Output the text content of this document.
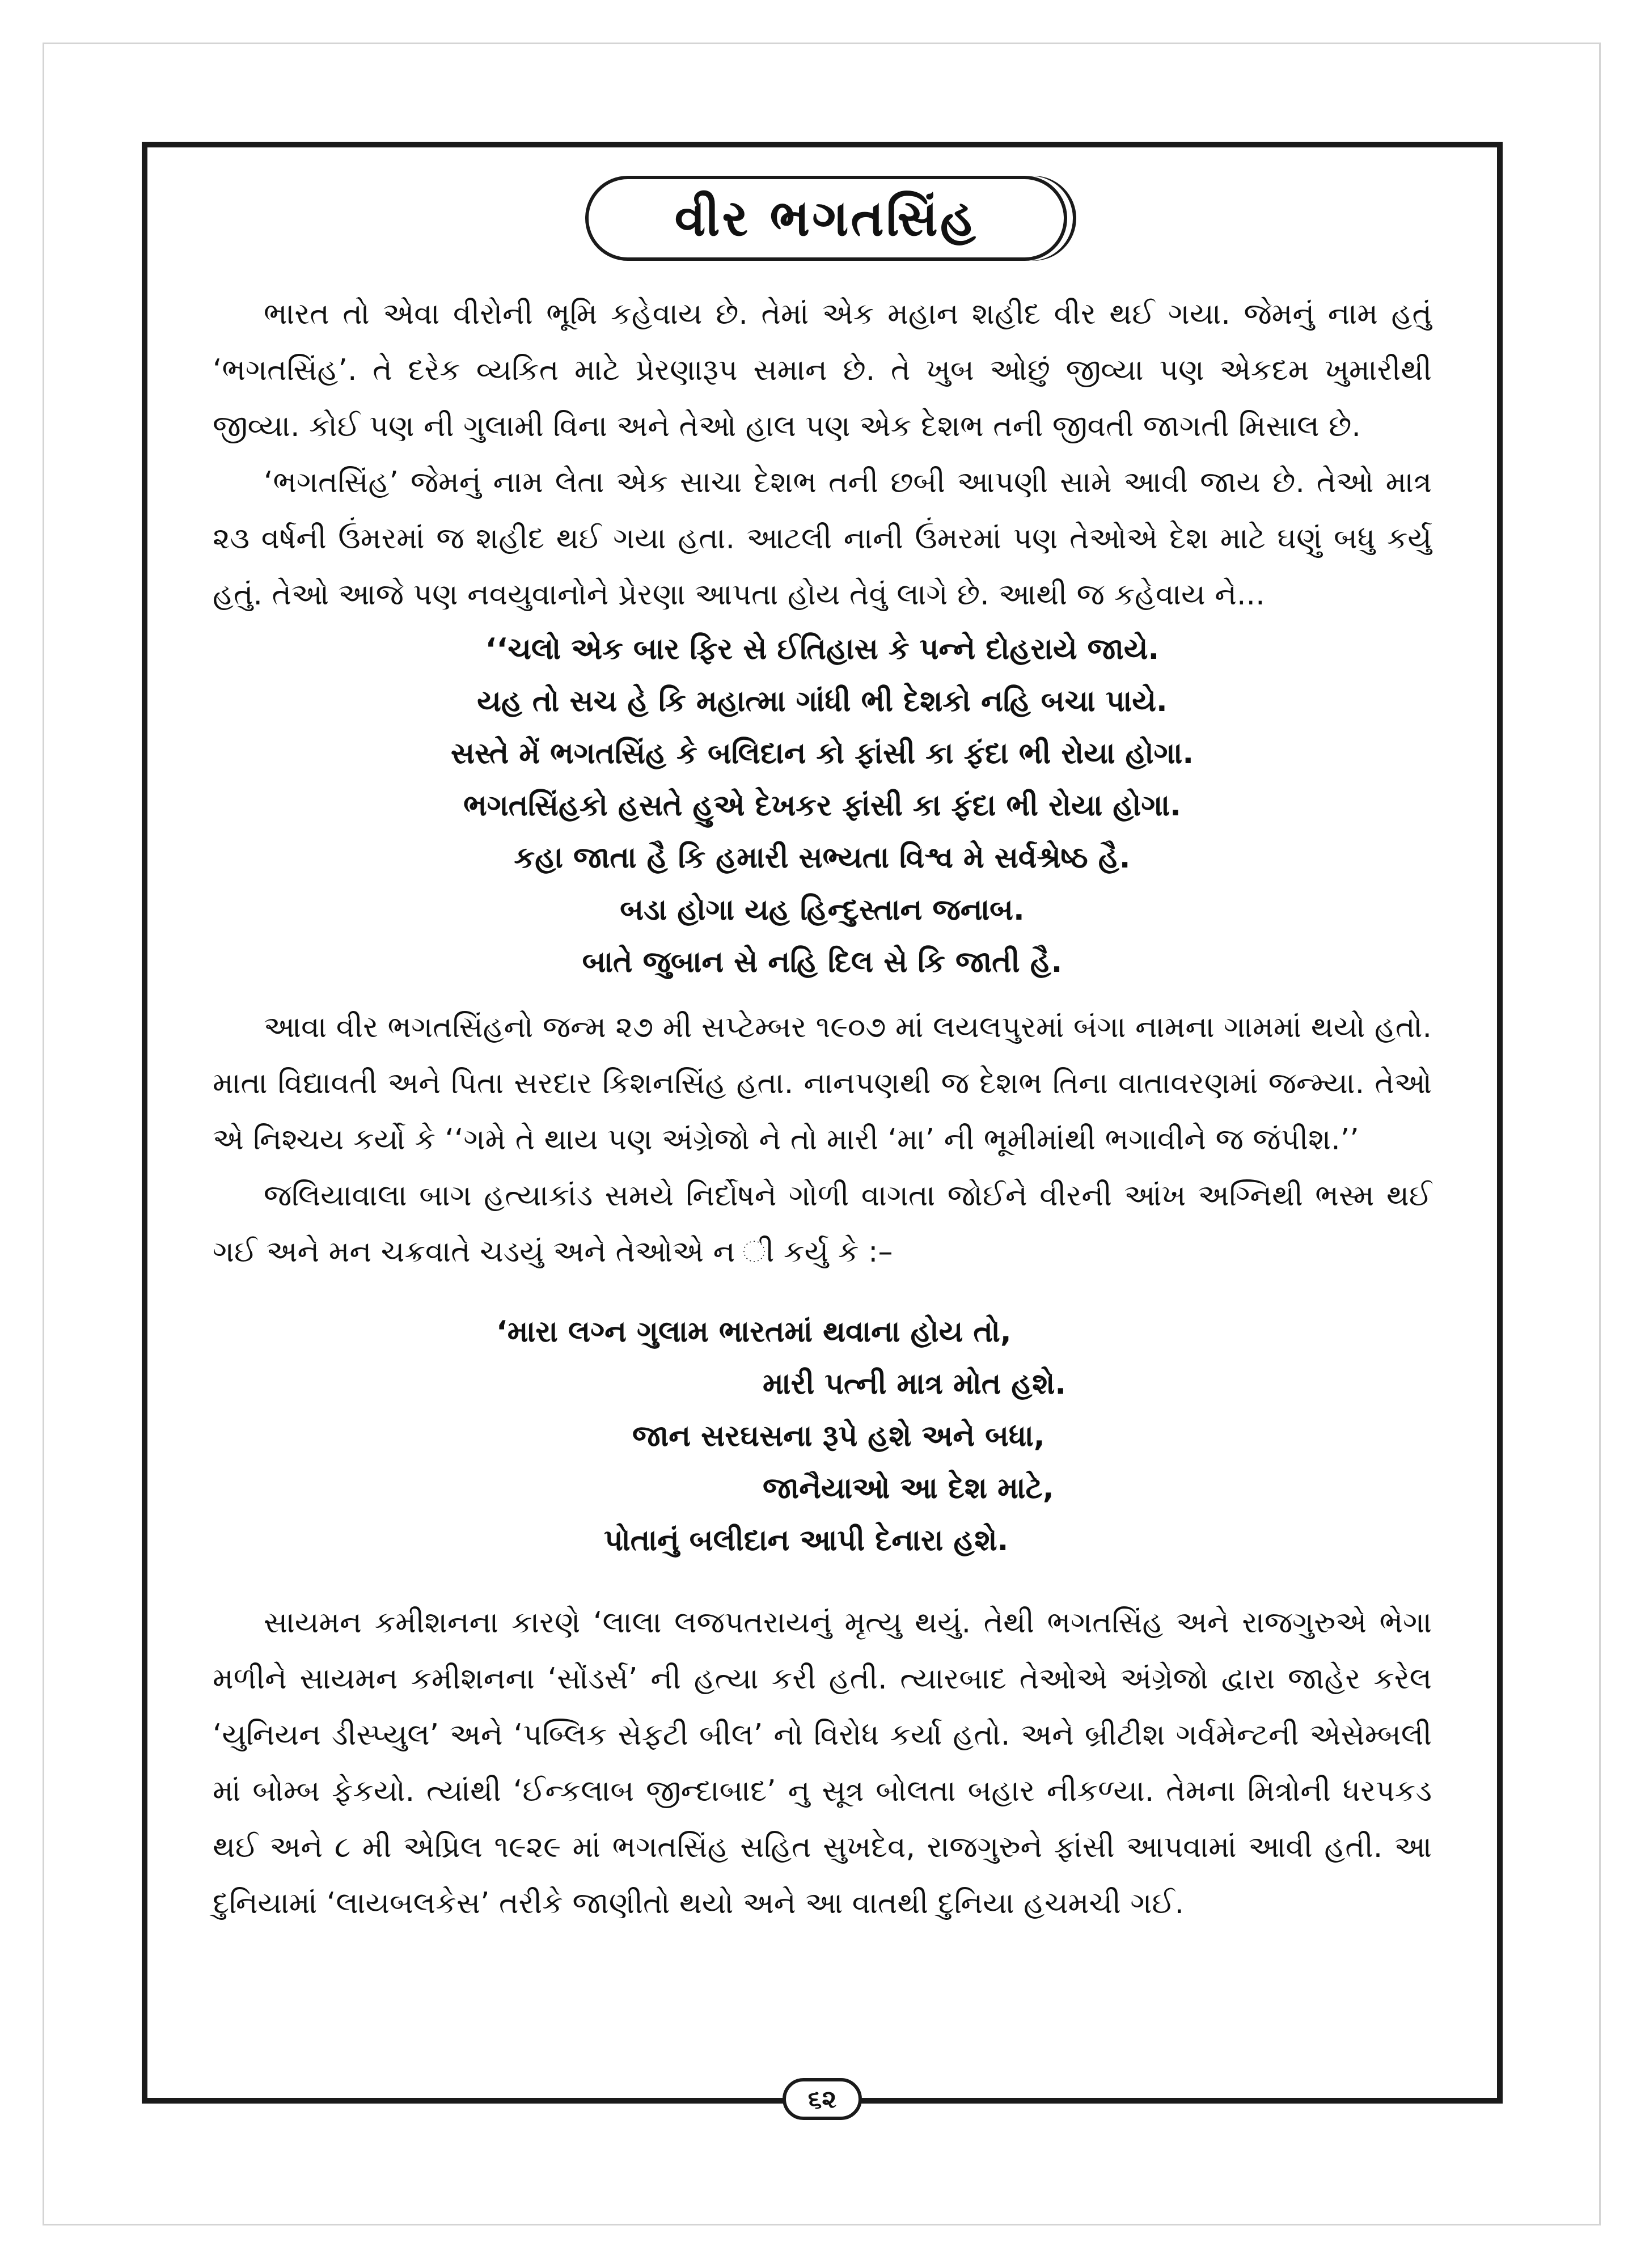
વીર ભગતસિંહ

ભારત તો એવા વીરોની ભૂમિ કહેવાય છે. તેમાં એક મહાન શહીદ વીર થઈ ગયા. જેમનું નામ હતું ‘ભગતસિંહ’. તે દરેક વ્યકિત માટે પ્રેરણારૂપ સમાન છે. તે ખુબ ઓછું જીવ્યા પણ એકદમ ખુમારીથી જીવ્યા. કોઈ પણ ની ગુલામી વિના અને તેઓ હાલ પણ એક દેશભ તની જીવતી જાગતી મિસાલ છે.

‘ભગતસિંહ’ જેમનું નામ લેતા એક સાચા દેશભ તની છબી આપણી સામે આવી જાય છે. તેઓ માત્ર ૨૩ વર્ષની ઉંમરમાં જ શહીદ થઈ ગયા હતા. આટલી નાની ઉંમરમાં પણ તેઓએ દેશ માટે ઘણું બધુ કર્યુ હતું. તેઓ આજે પણ નવયુવાનોને પ્રેરણા આપતા હોય તેવું લાગે છે. આથી જ કહેવાય ને...

‘‘ચલો એક બાર ફિર સે ઈતિહાસ કે પન્ને દોહરાયે જાયે.
યહ તો સચ હે કિ મહાત્મા ગાંધી ભી દેશકો નહિ બચા પાયે.
સસ્તે મેં ભગતસિંહ કે બલિદાન કો ફાંસી કા ફંદા ભી રોયા હોગા.
ભગતસિંહકો હસતે હુએ દેખકર ફાંસી કા ફંદા ભી રોયા હોગા.
કહા જાતા હૈ કિ હમારી સભ્યતા વિશ્વ મે સર્વશ્રેષ્ઠ હૈ.
બડા હોગા યહ હિન્દુસ્તાન જનાબ.
બાતે જુબાન સે નહિ દિલ સે કિ જાતી હૈ.

આવા વીર ભગતસિંહનો જન્મ ૨૭ મી સપ્ટેમ્બર ૧૯૦૭ માં લયલપુરમાં બંગા નામના ગામમાં થયો હતો. માતા વિદ્યાવતી અને પિતા સરદાર કિશનસિંહ હતા. નાનપણથી જ દેશભ તિના વાતાવરણમાં જન્મ્યા. તેઓ એ નિશ્ચય કર્યો કે ‘‘ગમે તે થાય પણ અંગ્રેજો ને તો મારી ‘મા’ ની ભૂમીમાંથી ભગાવીને જ જંપીશ.’’

જલિયાવાલા બાગ હત્યાકાંડ સમયે નિર્દોષને ગોળી વાગતા જોઈને વીરની આંખ અગ્નિથી ભસ્મ થઈ ગઈ અને મન ચક્રવાતે ચડયું અને તેઓએ ન ી કર્યુ કે :–

‘મારા લગ્ન ગુલામ ભારતમાં થવાના હોય તો,
મારી પત્ની માત્ર મોત હશે.
જાન સરઘસના રૂપે હશે અને બધા,
જાનૈયાઓ આ દેશ માટે,
પોતાનું બલીદાન આપી દેનારા હશે.

સાયમન કમીશનના કારણે ‘લાલા લજપતરાયનું મૃત્યુ થયું. તેથી ભગતસિંહ અને રાજગુરુએ ભેગા મળીને સાયમન કમીશનના ‘સોંડર્સ’ ની હત્યા કરી હતી. ત્યારબાદ તેઓએ અંગ્રેજો દ્વારા જાહેર કરેલ ‘યુનિયન ડીસ્પ્યુલ’ અને ‘પબ્લિક સેફટી બીલ’ નો વિરોધ કર્યા હતો. અને બ્રીટીશ ગર્વમેન્ટની એસેમ્બલી માં બોમ્બ ફેકયો. ત્યાંથી ‘ઈન્કલાબ જીન્દાબાદ’ નુ સૂત્ર બોલતા બહાર નીકળ્યા. તેમના મિત્રોની ધરપકડ થઈ અને ૮ મી એપ્રિલ ૧૯૨૯ માં ભગતસિંહ સહિત સુખદેવ, રાજગુરુને ફાંસી આપવામાં આવી હતી. આ દુનિયામાં ‘લાયબલકેસ’ તરીકે જાણીતો થયો અને આ વાતથી દુનિયા હચમચી ગઈ.

૬૨
